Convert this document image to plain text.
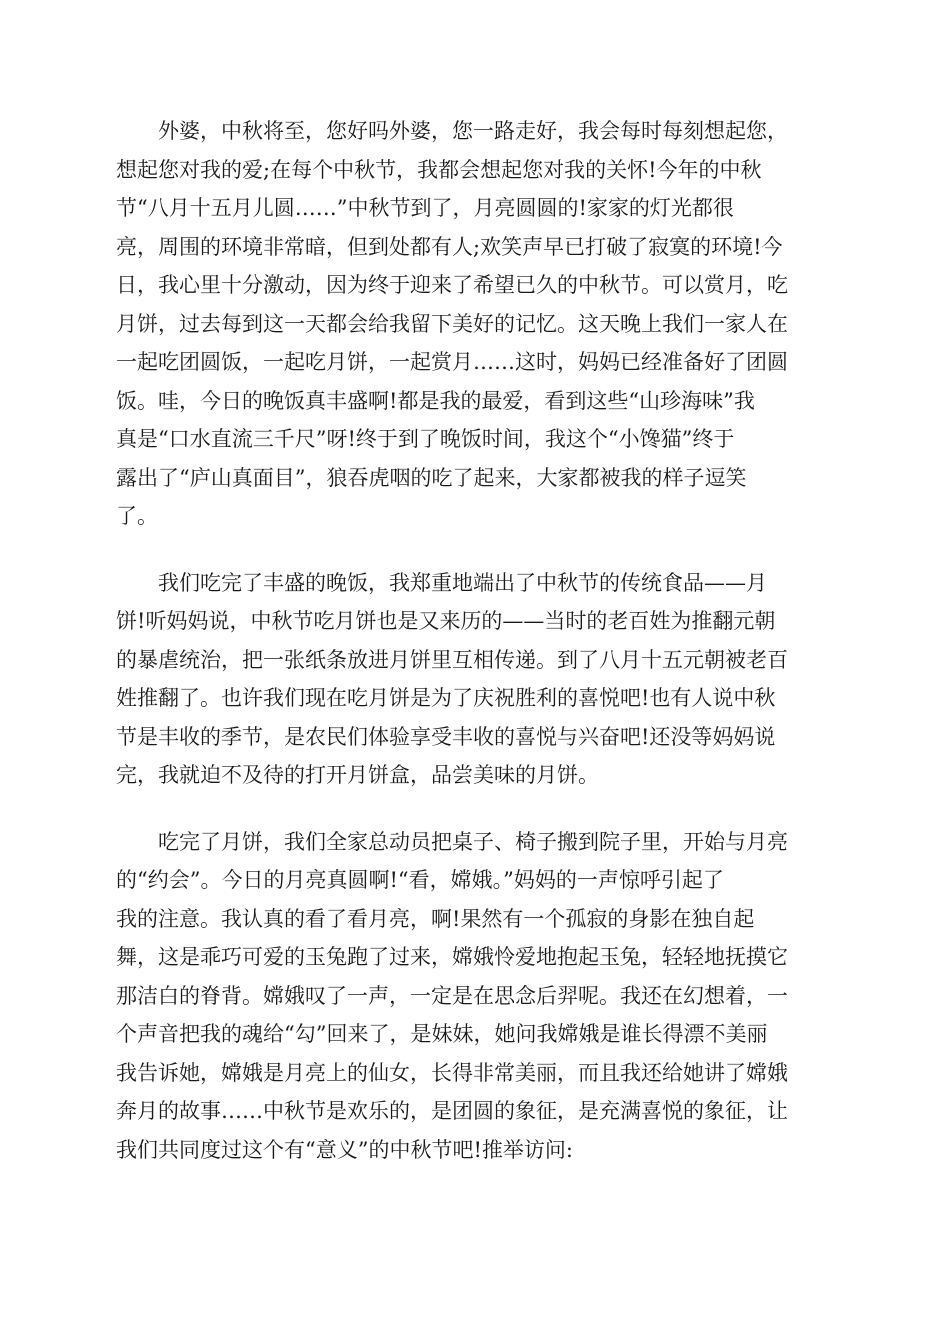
外婆，中秋将至，您好吗外婆，您一路走好，我会每时每刻想起您，
想起您对我的爱;在每个中秋节，我都会想起您对我的关怀!今年的中秋
节“八月十五月儿圆……”中秋节到了，月亮圆圆的!家家的灯光都很
亮，周围的环境非常暗，但到处都有人;欢笑声早已打破了寂寞的环境!今
日，我心里十分激动，因为终于迎来了希望已久的中秋节。可以赏月，吃
月饼，过去每到这一天都会给我留下美好的记忆。这天晚上我们一家人在
一起吃团圆饭，一起吃月饼，一起赏月……这时，妈妈已经准备好了团圆
饭。哇，今日的晚饭真丰盛啊!都是我的最爱，看到这些“山珍海味”我
真是“口水直流三千尺”呀!终于到了晚饭时间，我这个“小馋猫”终于
露出了“庐山真面目”，狼吞虎咽的吃了起来，大家都被我的样子逗笑
了。

我们吃完了丰盛的晚饭，我郑重地端出了中秋节的传统食品——月
饼!听妈妈说，中秋节吃月饼也是又来历的——当时的老百姓为推翻元朝
的暴虐统治，把一张纸条放进月饼里互相传递。到了八月十五元朝被老百
姓推翻了。也许我们现在吃月饼是为了庆祝胜利的喜悦吧!也有人说中秋
节是丰收的季节，是农民们体验享受丰收的喜悦与兴奋吧!还没等妈妈说
完，我就迫不及待的打开月饼盒，品尝美味的月饼。

吃完了月饼，我们全家总动员把桌子、椅子搬到院子里，开始与月亮
的“约会”。今日的月亮真圆啊!“看，嫦娥。”妈妈的一声惊呼引起了
我的注意。我认真的看了看月亮，啊!果然有一个孤寂的身影在独自起
舞，这是乖巧可爱的玉兔跑了过来，嫦娥怜爱地抱起玉兔，轻轻地抚摸它
那洁白的脊背。嫦娥叹了一声，一定是在思念后羿呢。我还在幻想着，一
个声音把我的魂给“勾”回来了，是妹妹，她问我嫦娥是谁长得漂不美丽
我告诉她，嫦娥是月亮上的仙女，长得非常美丽，而且我还给她讲了嫦娥
奔月的故事……中秋节是欢乐的，是团圆的象征，是充满喜悦的象征，让
我们共同度过这个有“意义”的中秋节吧!推举访问:
